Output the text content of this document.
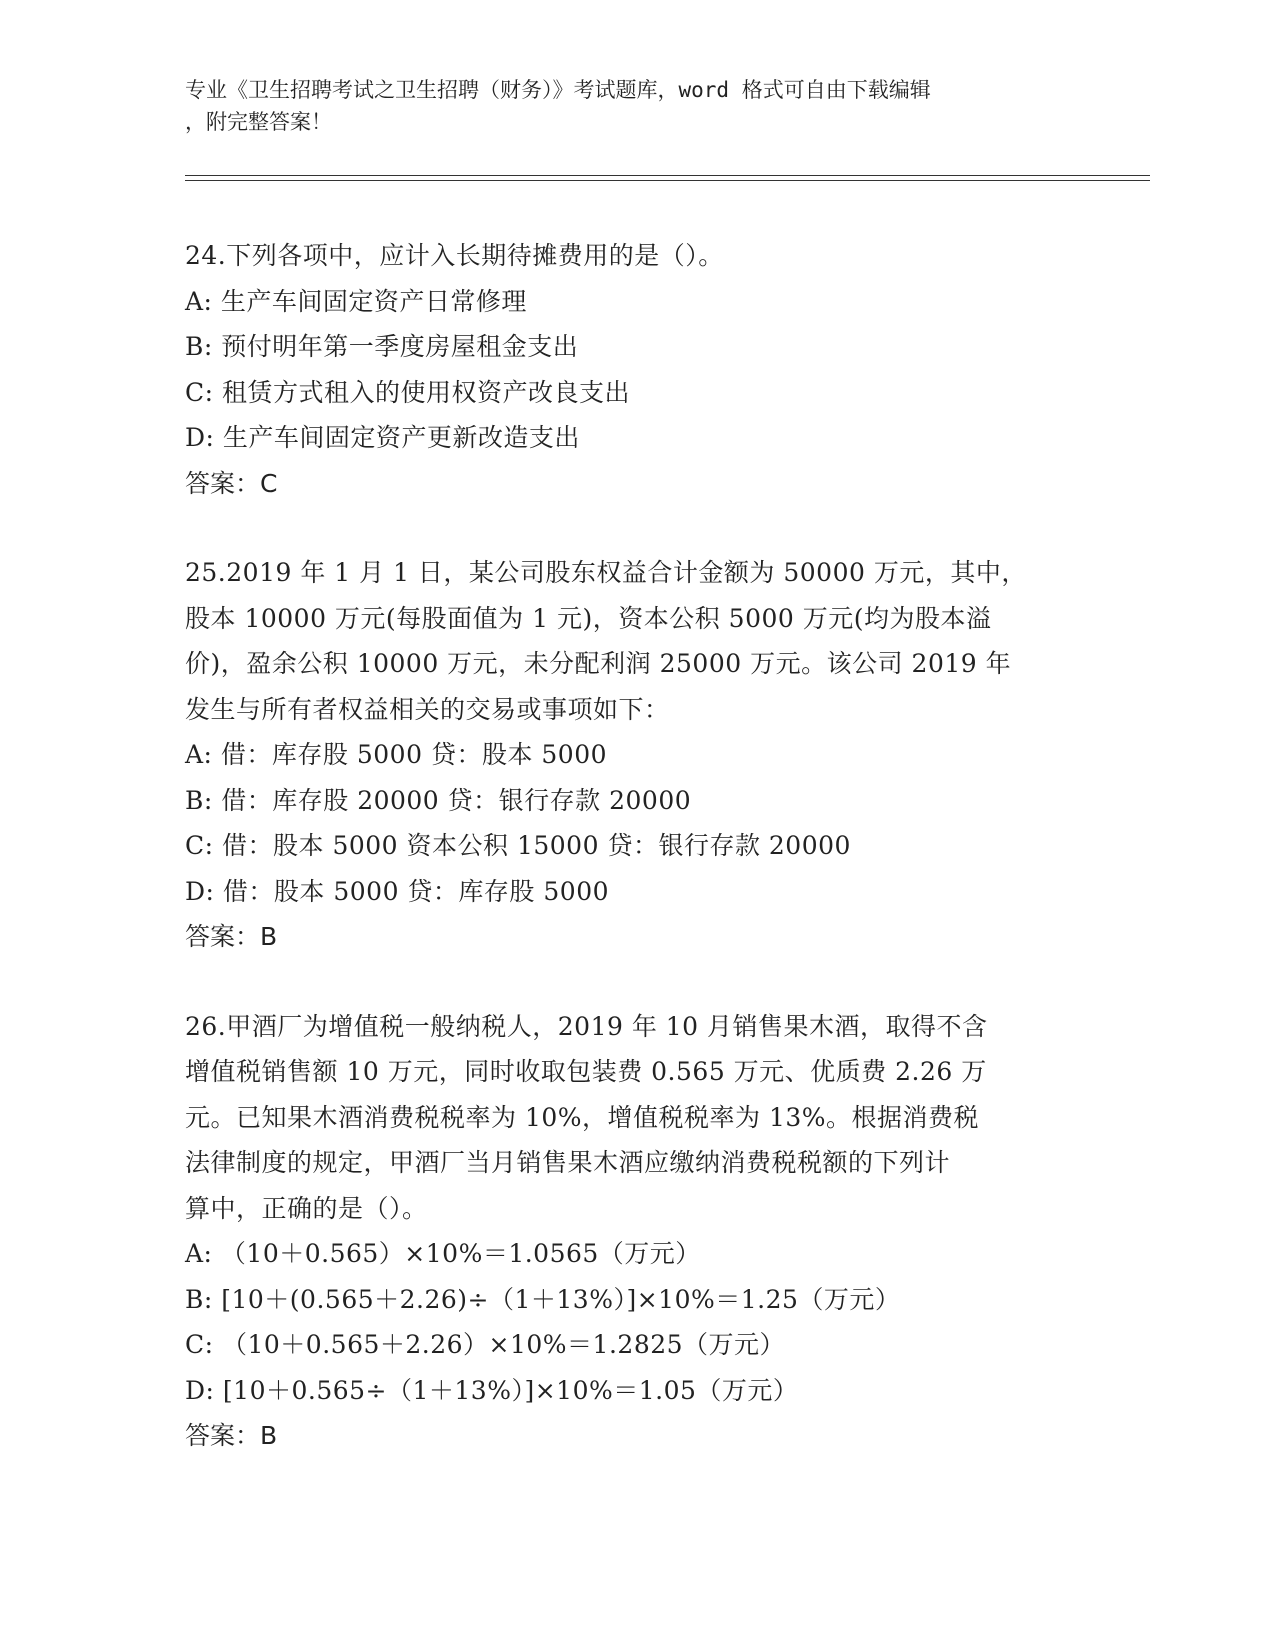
专业《卫生招聘考试之卫生招聘（财务）》考试题库，word 格式可自由下载编辑
，附完整答案！
24.下列各项中，应计入长期待摊费用的是（）。
A: 生产车间固定资产日常修理
B: 预付明年第一季度房屋租金支出
C: 租赁方式租入的使用权资产改良支出
D: 生产车间固定资产更新改造支出
答案：C
25.2019 年 1 月 1 日，某公司股东权益合计金额为 50000 万元，其中，
股本 10000 万元(每股面值为 1 元)，资本公积 5000 万元(均为股本溢
价)，盈余公积 10000 万元，未分配利润 25000 万元。该公司 2019 年
发生与所有者权益相关的交易或事项如下：
A: 借：库存股 5000 贷：股本 5000
B: 借：库存股 20000 贷：银行存款 20000
C: 借：股本 5000 资本公积 15000 贷：银行存款 20000
D: 借：股本 5000 贷：库存股 5000
答案：B
26.甲酒厂为增值税一般纳税人，2019 年 10 月销售果木酒，取得不含
增值税销售额 10 万元，同时收取包装费 0.565 万元、优质费 2.26 万
元。已知果木酒消费税税率为 10%，增值税税率为 13%。根据消费税
法律制度的规定，甲酒厂当月销售果木酒应缴纳消费税税额的下列计
算中，正确的是（）。
A: （10＋0.565）×10%＝1.0565（万元）
B: [10＋(0.565＋2.26)÷（1＋13%）]×10%＝1.25（万元）
C: （10＋0.565＋2.26）×10%＝1.2825（万元）
D: [10＋0.565÷（1＋13%）]×10%＝1.05（万元）
答案：B
